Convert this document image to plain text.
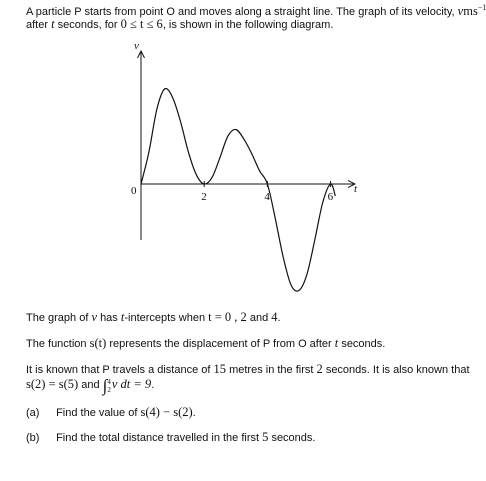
A particle P starts from point O and moves along a straight line. The graph of its velocity, vms$^{-1}$
after t seconds, for 0 ≤ t ≤ 6, is shown in the following diagram.
v
t
0	2	4	6
The graph of v has t-intercepts when t = 0 , 2 and 4.
The function s(t) represents the displacement of P from O after t seconds.
It is known that P travels a distance of 15 metres in the first 2 seconds. It is also known that
s(2) = s(5) and ∫ 4
2 v dt = 9.
(a) Find the value of s(4) − s(2).
(b) Find the total distance travelled in the first 5 seconds.
